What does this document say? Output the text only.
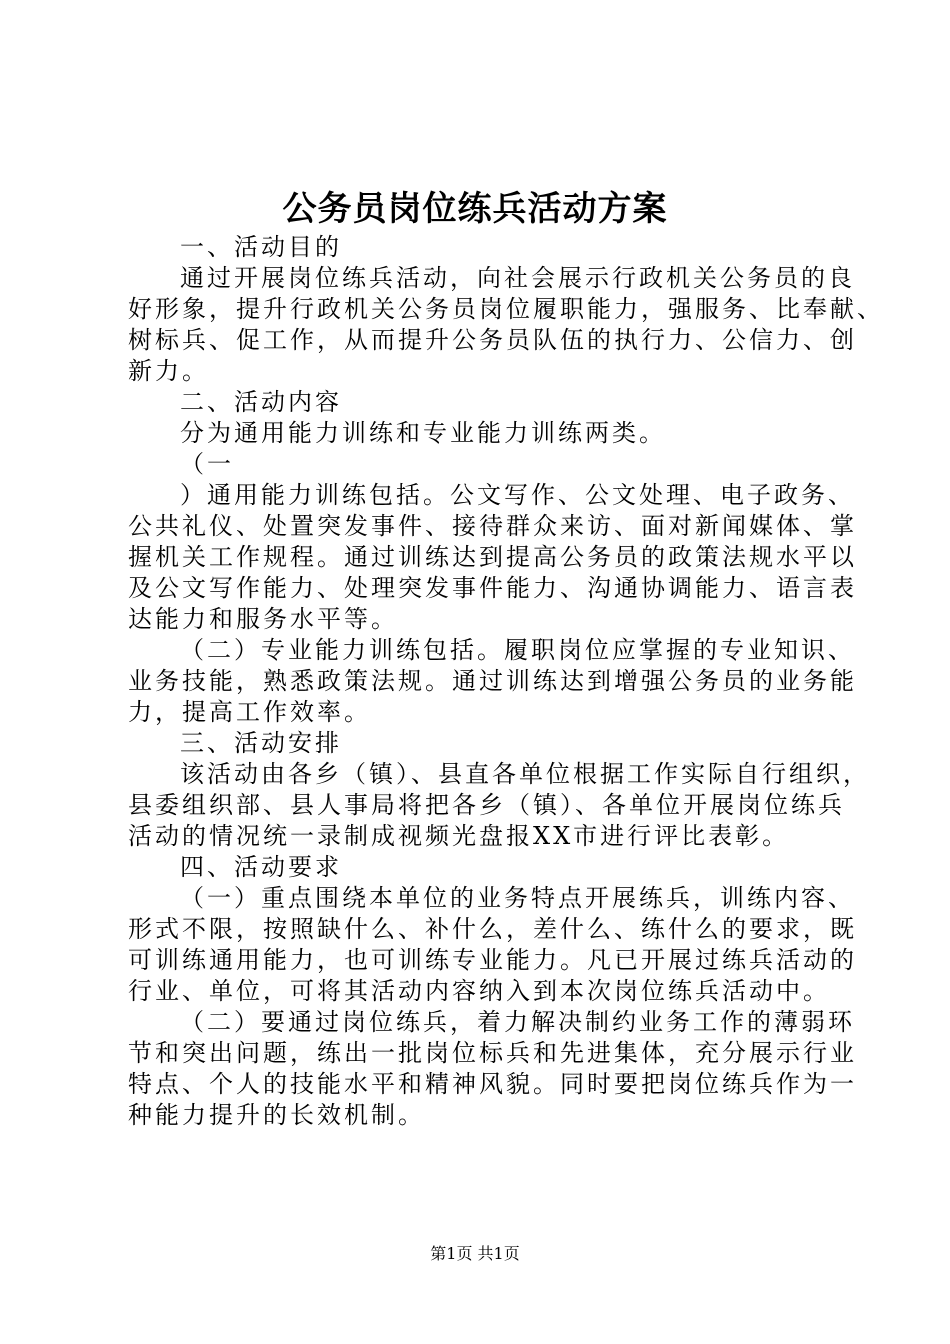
公务员岗位练兵活动方案
一、活动目的
通过开展岗位练兵活动，向社会展示行政机关公务员的良
好形象，提升行政机关公务员岗位履职能力，强服务、比奉献、
树标兵、促工作，从而提升公务员队伍的执行力、公信力、创
新力。
二、活动内容
分为通用能力训练和专业能力训练两类。
（一
）通用能力训练包括。公文写作、公文处理、电子政务、
公共礼仪、处置突发事件、接待群众来访、面对新闻媒体、掌
握机关工作规程。通过训练达到提高公务员的政策法规水平以
及公文写作能力、处理突发事件能力、沟通协调能力、语言表
达能力和服务水平等。
（二）专业能力训练包括。履职岗位应掌握的专业知识、
业务技能，熟悉政策法规。通过训练达到增强公务员的业务能
力，提高工作效率。
三、活动安排
该活动由各乡（镇）、县直各单位根据工作实际自行组织，
县委组织部、县人事局将把各乡（镇）、各单位开展岗位练兵
活动的情况统一录制成视频光盘报XX市进行评比表彰。
四、活动要求
（一）重点围绕本单位的业务特点开展练兵，训练内容、
形式不限，按照缺什么、补什么，差什么、练什么的要求，既
可训练通用能力，也可训练专业能力。凡已开展过练兵活动的
行业、单位，可将其活动内容纳入到本次岗位练兵活动中。
（二）要通过岗位练兵，着力解决制约业务工作的薄弱环
节和突出问题，练出一批岗位标兵和先进集体，充分展示行业
特点、个人的技能水平和精神风貌。同时要把岗位练兵作为一
种能力提升的长效机制。
第1页 共1页
